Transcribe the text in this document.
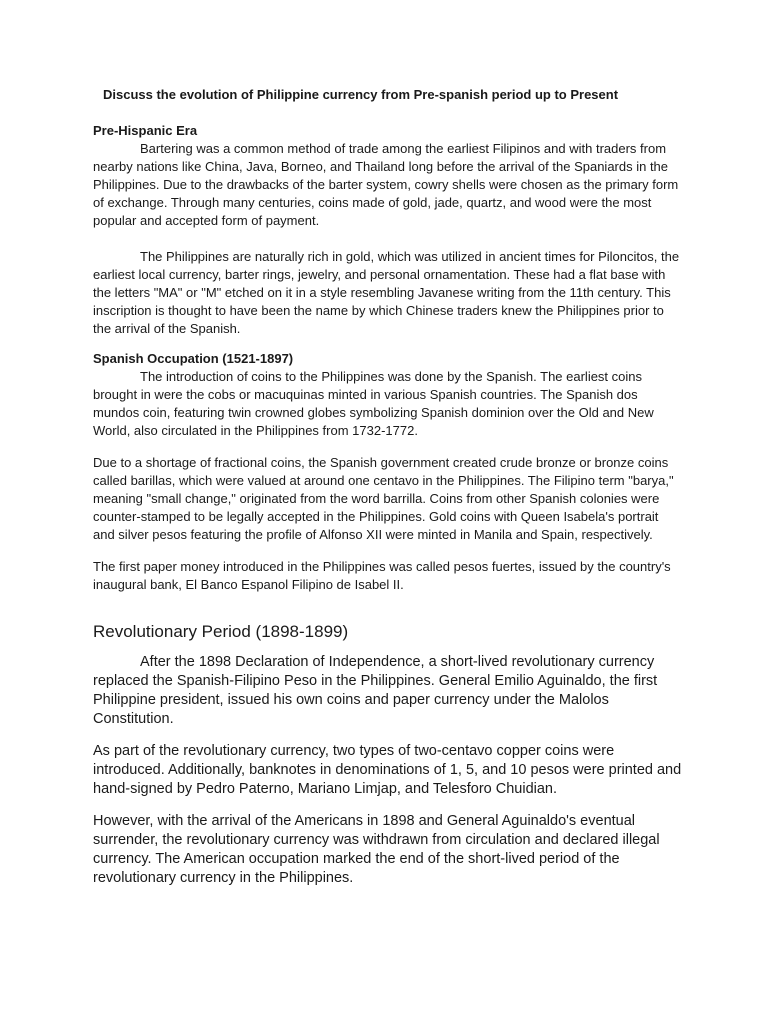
Discuss the evolution of Philippine currency from Pre-spanish period up to Present
Pre-Hispanic Era

Bartering was a common method of trade among the earliest Filipinos and with traders from nearby nations like China, Java, Borneo, and Thailand long before the arrival of the Spaniards in the Philippines. Due to the drawbacks of the barter system, cowry shells were chosen as the primary form of exchange. Through many centuries, coins made of gold, jade, quartz, and wood were the most popular and accepted form of payment.

The Philippines are naturally rich in gold, which was utilized in ancient times for Piloncitos, the earliest local currency, barter rings, jewelry, and personal ornamentation. These had a flat base with the letters "MA" or "M" etched on it in a style resembling Javanese writing from the 11th century. This inscription is thought to have been the name by which Chinese traders knew the Philippines prior to the arrival of the Spanish.

Spanish Occupation (1521-1897)

The introduction of coins to the Philippines was done by the Spanish. The earliest coins brought in were the cobs or macuquinas minted in various Spanish countries. The Spanish dos mundos coin, featuring twin crowned globes symbolizing Spanish dominion over the Old and New World, also circulated in the Philippines from 1732-1772.

Due to a shortage of fractional coins, the Spanish government created crude bronze or bronze coins called barillas, which were valued at around one centavo in the Philippines. The Filipino term "barya," meaning "small change," originated from the word barrilla. Coins from other Spanish colonies were counter-stamped to be legally accepted in the Philippines. Gold coins with Queen Isabela's portrait and silver pesos featuring the profile of Alfonso XII were minted in Manila and Spain, respectively.

The first paper money introduced in the Philippines was called pesos fuertes, issued by the country's inaugural bank, El Banco Espanol Filipino de Isabel II.

Revolutionary Period (1898-1899)

After the 1898 Declaration of Independence, a short-lived revolutionary currency replaced the Spanish-Filipino Peso in the Philippines. General Emilio Aguinaldo, the first Philippine president, issued his own coins and paper currency under the Malolos Constitution.

As part of the revolutionary currency, two types of two-centavo copper coins were introduced. Additionally, banknotes in denominations of 1, 5, and 10 pesos were printed and hand-signed by Pedro Paterno, Mariano Limjap, and Telesforo Chuidian.

However, with the arrival of the Americans in 1898 and General Aguinaldo's eventual surrender, the revolutionary currency was withdrawn from circulation and declared illegal currency. The American occupation marked the end of the short-lived period of the revolutionary currency in the Philippines.
